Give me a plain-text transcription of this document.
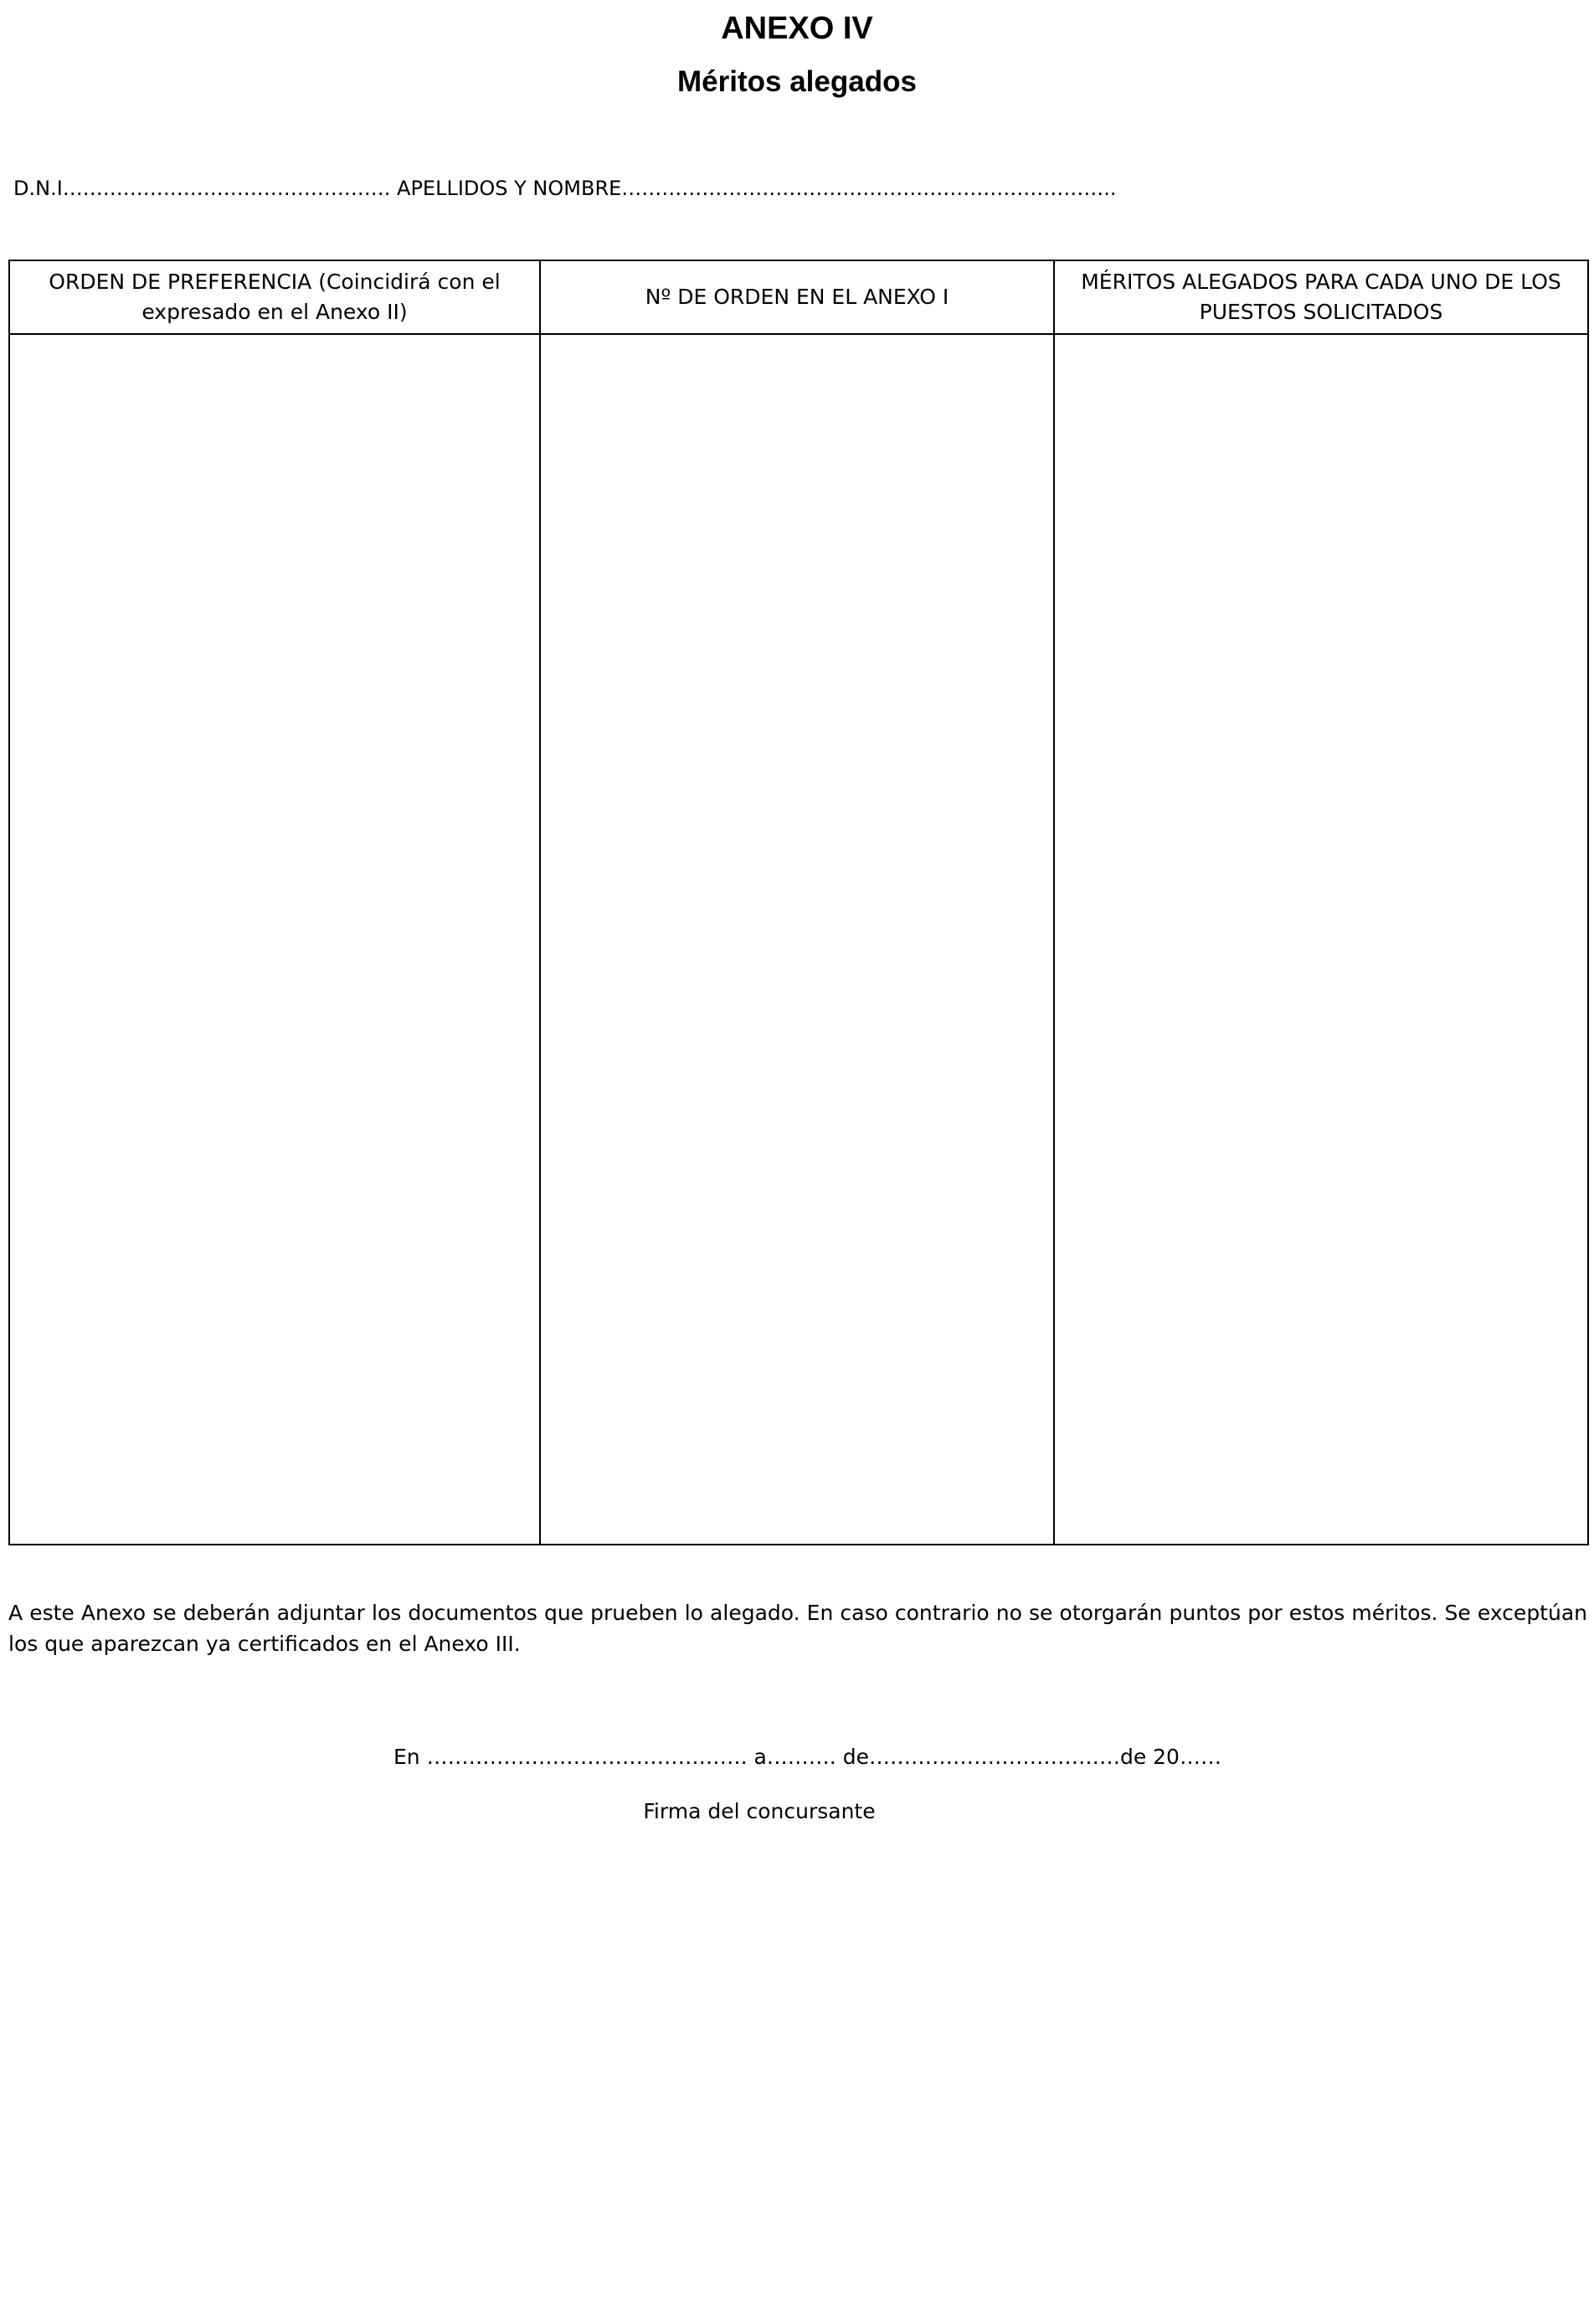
ANEXO IV
Méritos alegados
D.N.I…………………………………………. APELLIDOS Y NOMBRE………………………………………………………………..
ORDEN DE PREFERENCIA (Coincidirá con el expresado en el Anexo II)	Nº DE ORDEN EN EL ANEXO I	MÉRITOS ALEGADOS PARA CADA UNO DE LOS PUESTOS SOLICITADOS

A este Anexo se deberán adjuntar los documentos que prueben lo alegado. En caso contrario no se otorgarán puntos por estos méritos. Se exceptúan los que aparezcan ya certificados en el Anexo III.
En ………………………………………. a………. de………………………………de 20……
Firma del concursante
